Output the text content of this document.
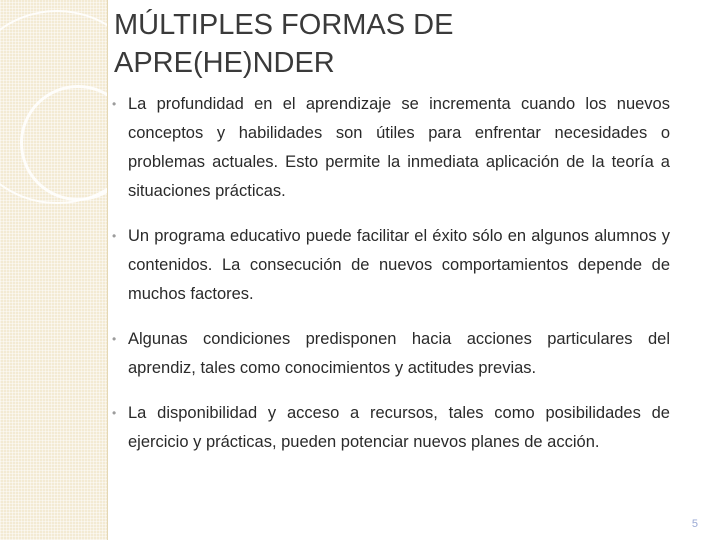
MÚLTIPLES FORMAS DE
APRE(HE)NDER
• La profundidad en el aprendizaje se incrementa cuando los nuevos conceptos y habilidades son útiles para enfrentar necesidades o problemas actuales. Esto permite la inmediata aplicación de la teoría a situaciones prácticas.
• Un programa educativo puede facilitar el éxito sólo en algunos alumnos y contenidos. La consecución de nuevos comportamientos depende de muchos factores.
• Algunas condiciones predisponen hacia acciones particulares del aprendiz, tales como conocimientos y actitudes previas.
• La disponibilidad y acceso a recursos, tales como posibilidades de ejercicio y prácticas, pueden potenciar nuevos planes de acción.
5
